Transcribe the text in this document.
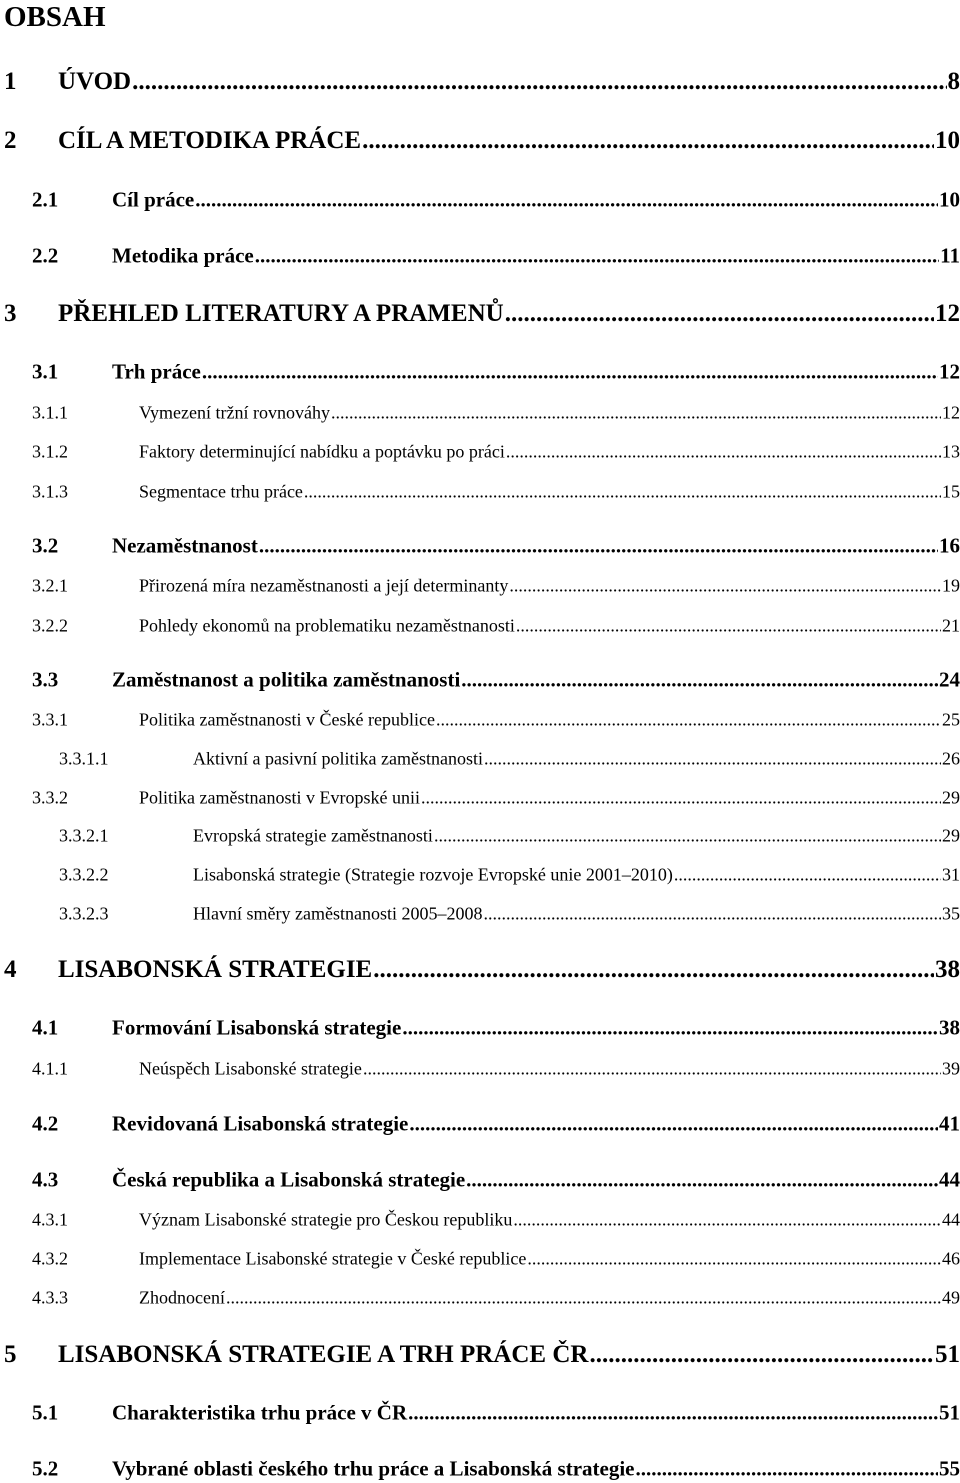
OBSAH
1	ÚVOD .....	8
2	CÍL A METODIKA PRÁCE .....	10
2.1	Cíl práce .....	10
2.2	Metodika práce .....	11
3	PŘEHLED LITERATURY A PRAMENŮ .....	12
3.1	Trh práce .....	12
3.1.1	Vymezení tržní rovnováhy .....	12
3.1.2	Faktory determinující nabídku a poptávku po práci .....	13
3.1.3	Segmentace trhu práce .....	15
3.2	Nezaměstnanost .....	16
3.2.1	Přirozená míra nezaměstnanosti a její determinanty .....	19
3.2.2	Pohledy ekonomů na problematiku nezaměstnanosti .....	21
3.3	Zaměstnanost a politika zaměstnanosti .....	24
3.3.1	Politika zaměstnanosti v České republice .....	25
3.3.1.1	Aktivní a pasivní politika zaměstnanosti .....	26
3.3.2	Politika zaměstnanosti v Evropské unii .....	29
3.3.2.1	Evropská strategie zaměstnanosti .....	29
3.3.2.2	Lisabonská strategie (Strategie rozvoje Evropské unie 2001–2010) .....	31
3.3.2.3	Hlavní směry zaměstnanosti 2005–2008 .....	35
4	LISABONSKÁ STRATEGIE .....	38
4.1	Formování Lisabonská strategie .....	38
4.1.1	Neúspěch Lisabonské strategie .....	39
4.2	Revidovaná Lisabonská strategie .....	41
4.3	Česká republika a Lisabonská strategie .....	44
4.3.1	Význam Lisabonské strategie pro Českou republiku .....	44
4.3.2	Implementace Lisabonské strategie v České republice .....	46
4.3.3	Zhodnocení .....	49
5	LISABONSKÁ STRATEGIE A TRH PRÁCE ČR .....	51
5.1	Charakteristika trhu práce v ČR .....	51
5.2	Vybrané oblasti českého trhu práce a Lisabonská strategie .....	55
